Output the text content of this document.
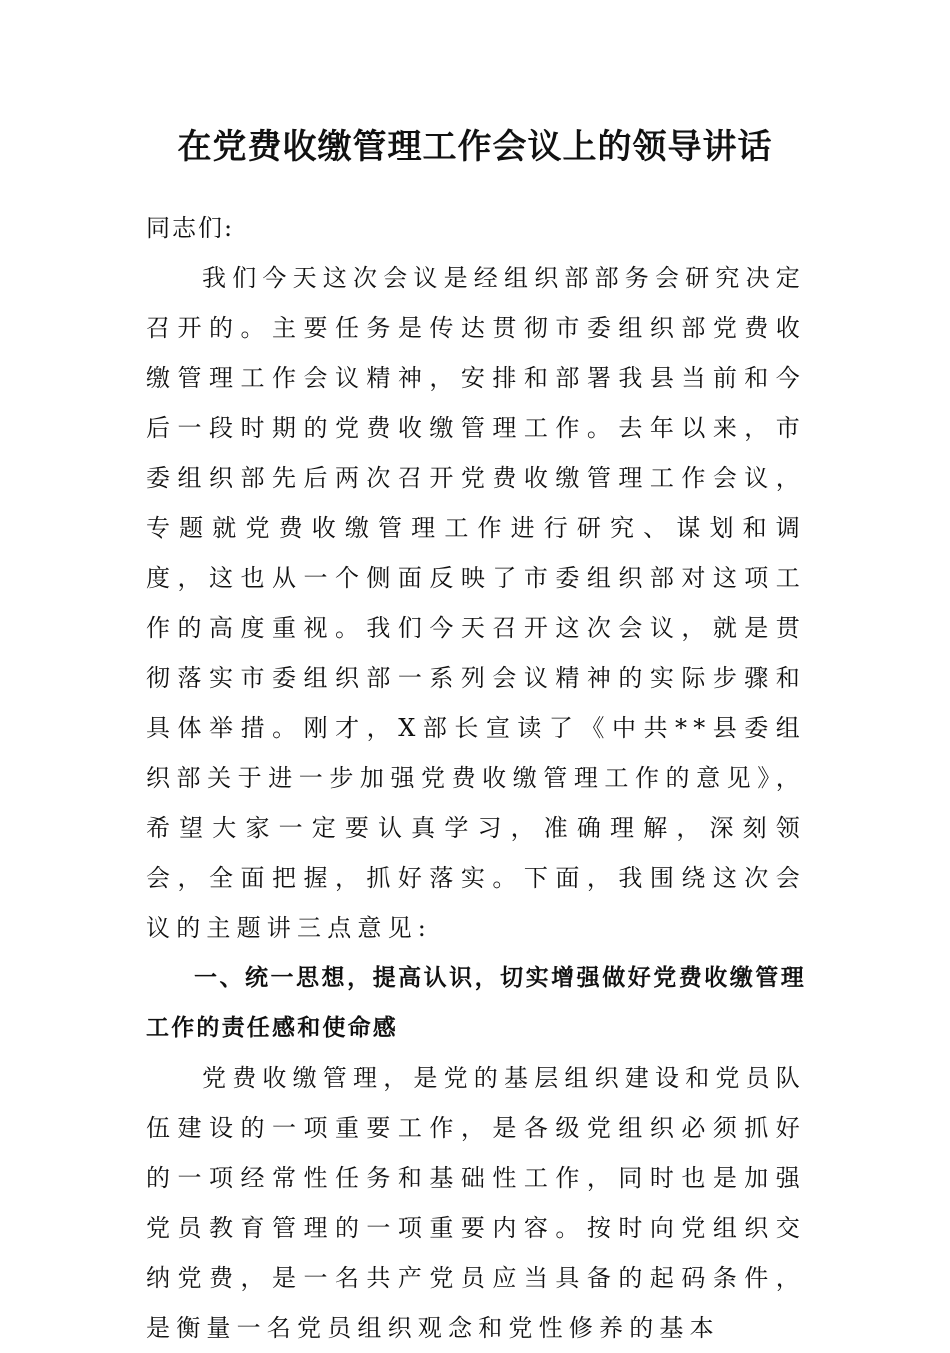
在党费收缴管理工作会议上的领导讲话

同志们:

我们今天这次会议是经组织部部务会研究决定召开的。主要任务是传达贯彻市委组织部党费收缴管理工作会议精神，安排和部署我县当前和今后一段时期的党费收缴管理工作。去年以来，市委组织部先后两次召开党费收缴管理工作会议，专题就党费收缴管理工作进行研究、谋划和调度，这也从一个侧面反映了市委组织部对这项工作的高度重视。我们今天召开这次会议，就是贯彻落实市委组织部一系列会议精神的实际步骤和具体举措。刚才，X部长宣读了《中共**县委组织部关于进一步加强党费收缴管理工作的意见》，希望大家一定要认真学习，准确理解，深刻领会，全面把握，抓好落实。下面，我围绕这次会议的主题讲三点意见:

一、统一思想，提高认识，切实增强做好党费收缴管理工作的责任感和使命感

党费收缴管理，是党的基层组织建设和党员队伍建设的一项重要工作，是各级党组织必须抓好的一项经常性任务和基础性工作，同时也是加强党员教育管理的一项重要内容。按时向党组织交纳党费，是一名共产党员应当具备的起码条件，是衡量一名党员组织观念和党性修养的基本
